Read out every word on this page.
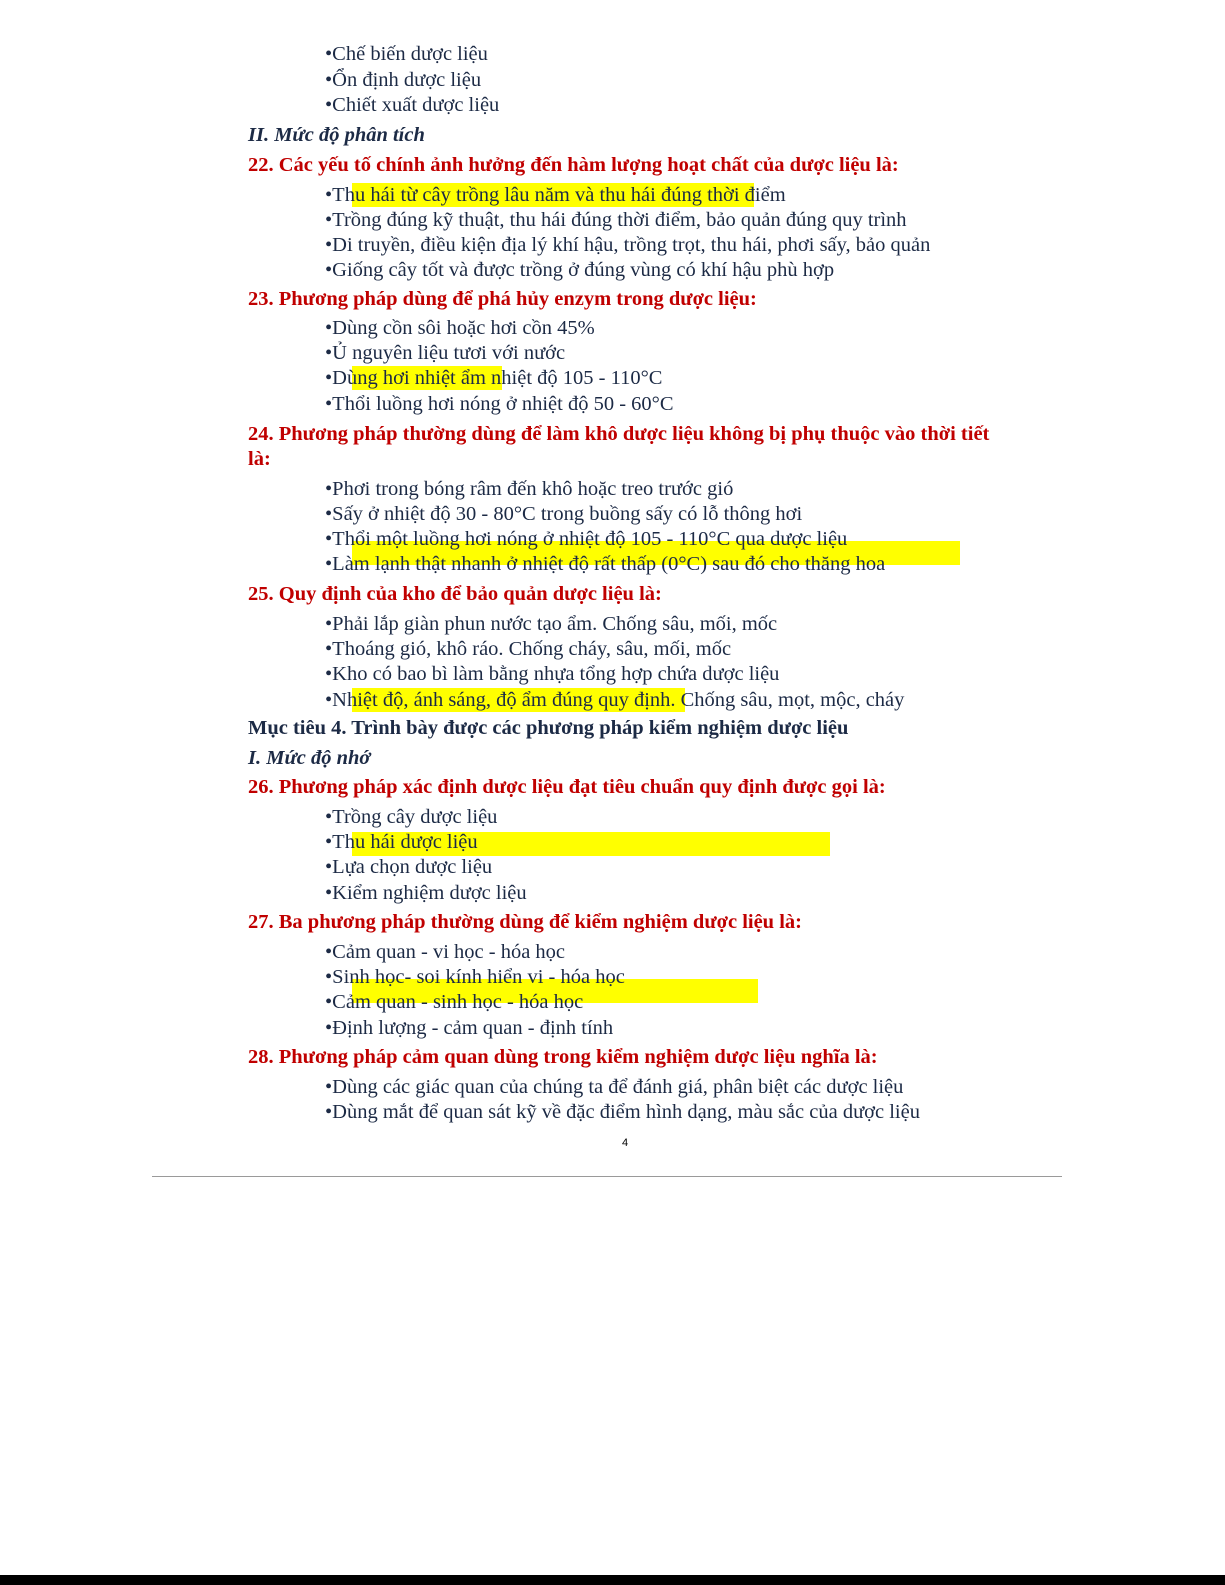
•Chế biến dược liệu
•Ổn định dược liệu
•Chiết xuất dược liệu
II. Mức độ phân tích
22. Các yếu tố chính ảnh hưởng đến hàm lượng hoạt chất của dược liệu là:
•Thu hái từ cây trồng lâu năm và thu hái đúng thời điểm
•Trồng đúng kỹ thuật, thu hái đúng thời điểm, bảo quản đúng quy trình
•Di truyền, điều kiện địa lý khí hậu, trồng trọt, thu hái, phơi sấy, bảo quản
•Giống cây tốt và được trồng ở đúng vùng có khí hậu phù hợp
23. Phương pháp dùng để phá hủy enzym trong dược liệu:
•Dùng cồn sôi hoặc hơi cồn 45%
•Ủ nguyên liệu tươi với nước
•Dùng hơi nhiệt ẩm nhiệt độ 105 - 110°C
•Thổi luồng hơi nóng ở nhiệt độ 50 - 60°C
24. Phương pháp thường dùng để làm khô dược liệu không bị phụ thuộc vào thời tiết
là:
•Phơi trong bóng râm đến khô hoặc treo trước gió
•Sấy ở nhiệt độ 30 - 80°C trong buồng sấy có lỗ thông hơi
•Thổi một luồng hơi nóng ở nhiệt độ 105 - 110°C qua dược liệu
•Làm lạnh thật nhanh ở nhiệt độ rất thấp (0°C) sau đó cho thăng hoa
25. Quy định của kho để bảo quản dược liệu là:
•Phải lắp giàn phun nước tạo ẩm. Chống sâu, mối, mốc
•Thoáng gió, khô ráo. Chống cháy, sâu, mối, mốc
•Kho có bao bì làm bằng nhựa tổng hợp chứa dược liệu
•Nhiệt độ, ánh sáng, độ ẩm đúng quy định. Chống sâu, mọt, mộc, cháy
Mục tiêu 4. Trình bày được các phương pháp kiểm nghiệm dược liệu
I. Mức độ nhớ
26. Phương pháp xác định dược liệu đạt tiêu chuẩn quy định được gọi là:
•Trồng cây dược liệu
•Thu hái dược liệu
•Lựa chọn dược liệu
•Kiểm nghiệm dược liệu
27. Ba phương pháp thường dùng để kiểm nghiệm dược liệu là:
•Cảm quan - vi học - hóa học
•Sinh học- soi kính hiển vi - hóa học
•Cảm quan - sinh học - hóa học
•Định lượng - cảm quan - định tính
28. Phương pháp cảm quan dùng trong kiểm nghiệm dược liệu nghĩa là:
•Dùng các giác quan của chúng ta để đánh giá, phân biệt các dược liệu
•Dùng mắt để quan sát kỹ về đặc điểm hình dạng, màu sắc của dược liệu
4
